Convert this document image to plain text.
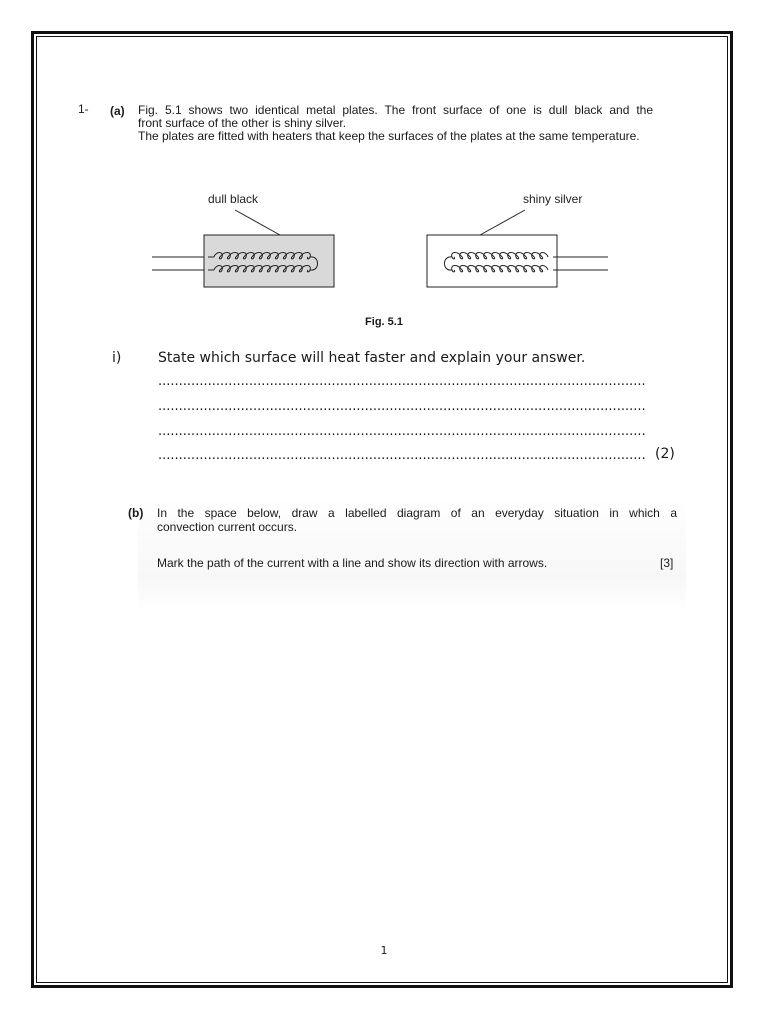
1- (a) Fig. 5.1 shows two identical metal plates. The front surface of one is dull black and the

front surface of the other is shiny silver.

The plates are fitted with heaters that keep the surfaces of the plates at the same temperature.

dull black	shiny silver
Fig. 5.1
i)	State which surface will heat faster and explain your answer.
......................................................................................................................
......................................................................................................................
......................................................................................................................
...................................................................................................................... (2)
(b) In the space below, draw a labelled diagram of an everyday situation in which a

convection current occurs.

Mark the path of the current with a line and show its direction with arrows.	[3]
1
